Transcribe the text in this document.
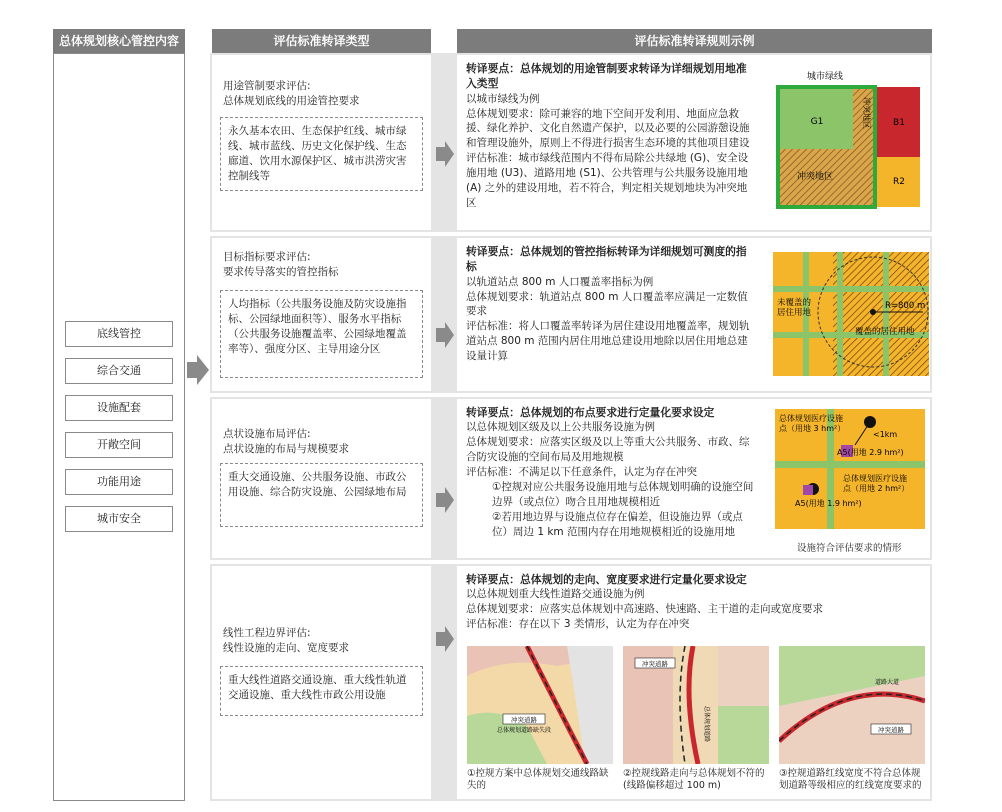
总体规划核心管控内容	评估标准转译类型	评估标准转译规则示例
底线管控
综合交通
设施配套
开敞空间
功能用途
城市安全
用途管制要求评估:
总体规划底线的用途管控要求
永久基本农田、生态保护红线、城市绿线、城市蓝线、历史文化保护线、生态廊道、饮用水源保护区、城市洪涝灾害控制线等

转译要点：总体规划的用途管制要求转译为详细规划用地准入类型

以城市绿线为例

总体规划要求：除可兼容的地下空间开发利用、地面应急救援、绿化养护、文化自然遗产保护，以及必要的公园游憩设施和管理设施外，原则上不得进行损害生态环境的其他项目建设

评估标准：城市绿线范围内不得布局除公共绿地 (G)、安全设施用地 (U3)、道路用地 (S1)、公共管理与公共服务设施用地 (A) 之外的建设用地，若不符合，判定相关规划地块为冲突地区

城市绿线
G1	B1
R2
冲突地区
冲突地区
目标指标要求评估:
要求传导落实的管控指标
人均指标（公共服务设施及防灾设施指标、公园绿地面积等）、服务水平指标（公共服务设施覆盖率、公园绿地覆盖率等）、强度分区、主导用途分区

转译要点：总体规划的管控指标转译为详细规划可测度的指标

以轨道站点 800 m 人口覆盖率指标为例

总体规划要求：轨道站点 800 m 人口覆盖率应满足一定数值要求

评估标准：将人口覆盖率转译为居住建设用地覆盖率，规划轨道站点 800 m 范围内居住用地总建设用地除以居住用地总建设量计算

未覆盖的
居住用地
R=800 m
覆盖的居住用地
点状设施布局评估:
点状设施的布局与规模要求
重大交通设施、公共服务设施、市政公用设施、综合防灾设施、公园绿地布局

转译要点：总体规划的布点要求进行定量化要求设定

以总体规划区级及以上公共服务设施为例

总体规划要求：应落实区级及以上等重大公共服务、市政、综合防灾设施的空间布局及用地规模

评估标准：不满足以下任意条件，认定为存在冲突

①控规对应公共服务设施用地与总体规划明确的设施空间边界（或点位）吻合且用地规模相近

②若用地边界与设施点位存在偏差，但设施边界（或点位）周边 1 km 范围内存在用地规模相近的设施用地

总体规划医疗设施
点（用地 3 hm²）
<1km
A5(用地 2.9 hm²)
总体规划医疗设施
点（用地 2 hm²）
A5(用地 1.9 hm²)
设施符合评估要求的情形
线性工程边界评估:
线性设施的走向、宽度要求
重大线性道路交通设施、重大线性轨道交通设施、重大线性市政公用设施

转译要点：总体规划的走向、宽度要求进行定量化要求设定

以总体规划重大线性道路交通设施为例

总体规划要求：应落实总体规划中高速路、快速路、主干道的走向或宽度要求

评估标准：存在以下 3 类情形，认定为存在冲突

冲突道路
总体规划道路缺失段
①控规方案中总体规划交通线路缺失的
冲突道路
总体规划道路
②控规线路走向与总体规划不符的(线路偏移超过 100 m)
冲突道路
道路大道
③控规道路红线宽度不符合总体规划道路等级相应的红线宽度要求的
